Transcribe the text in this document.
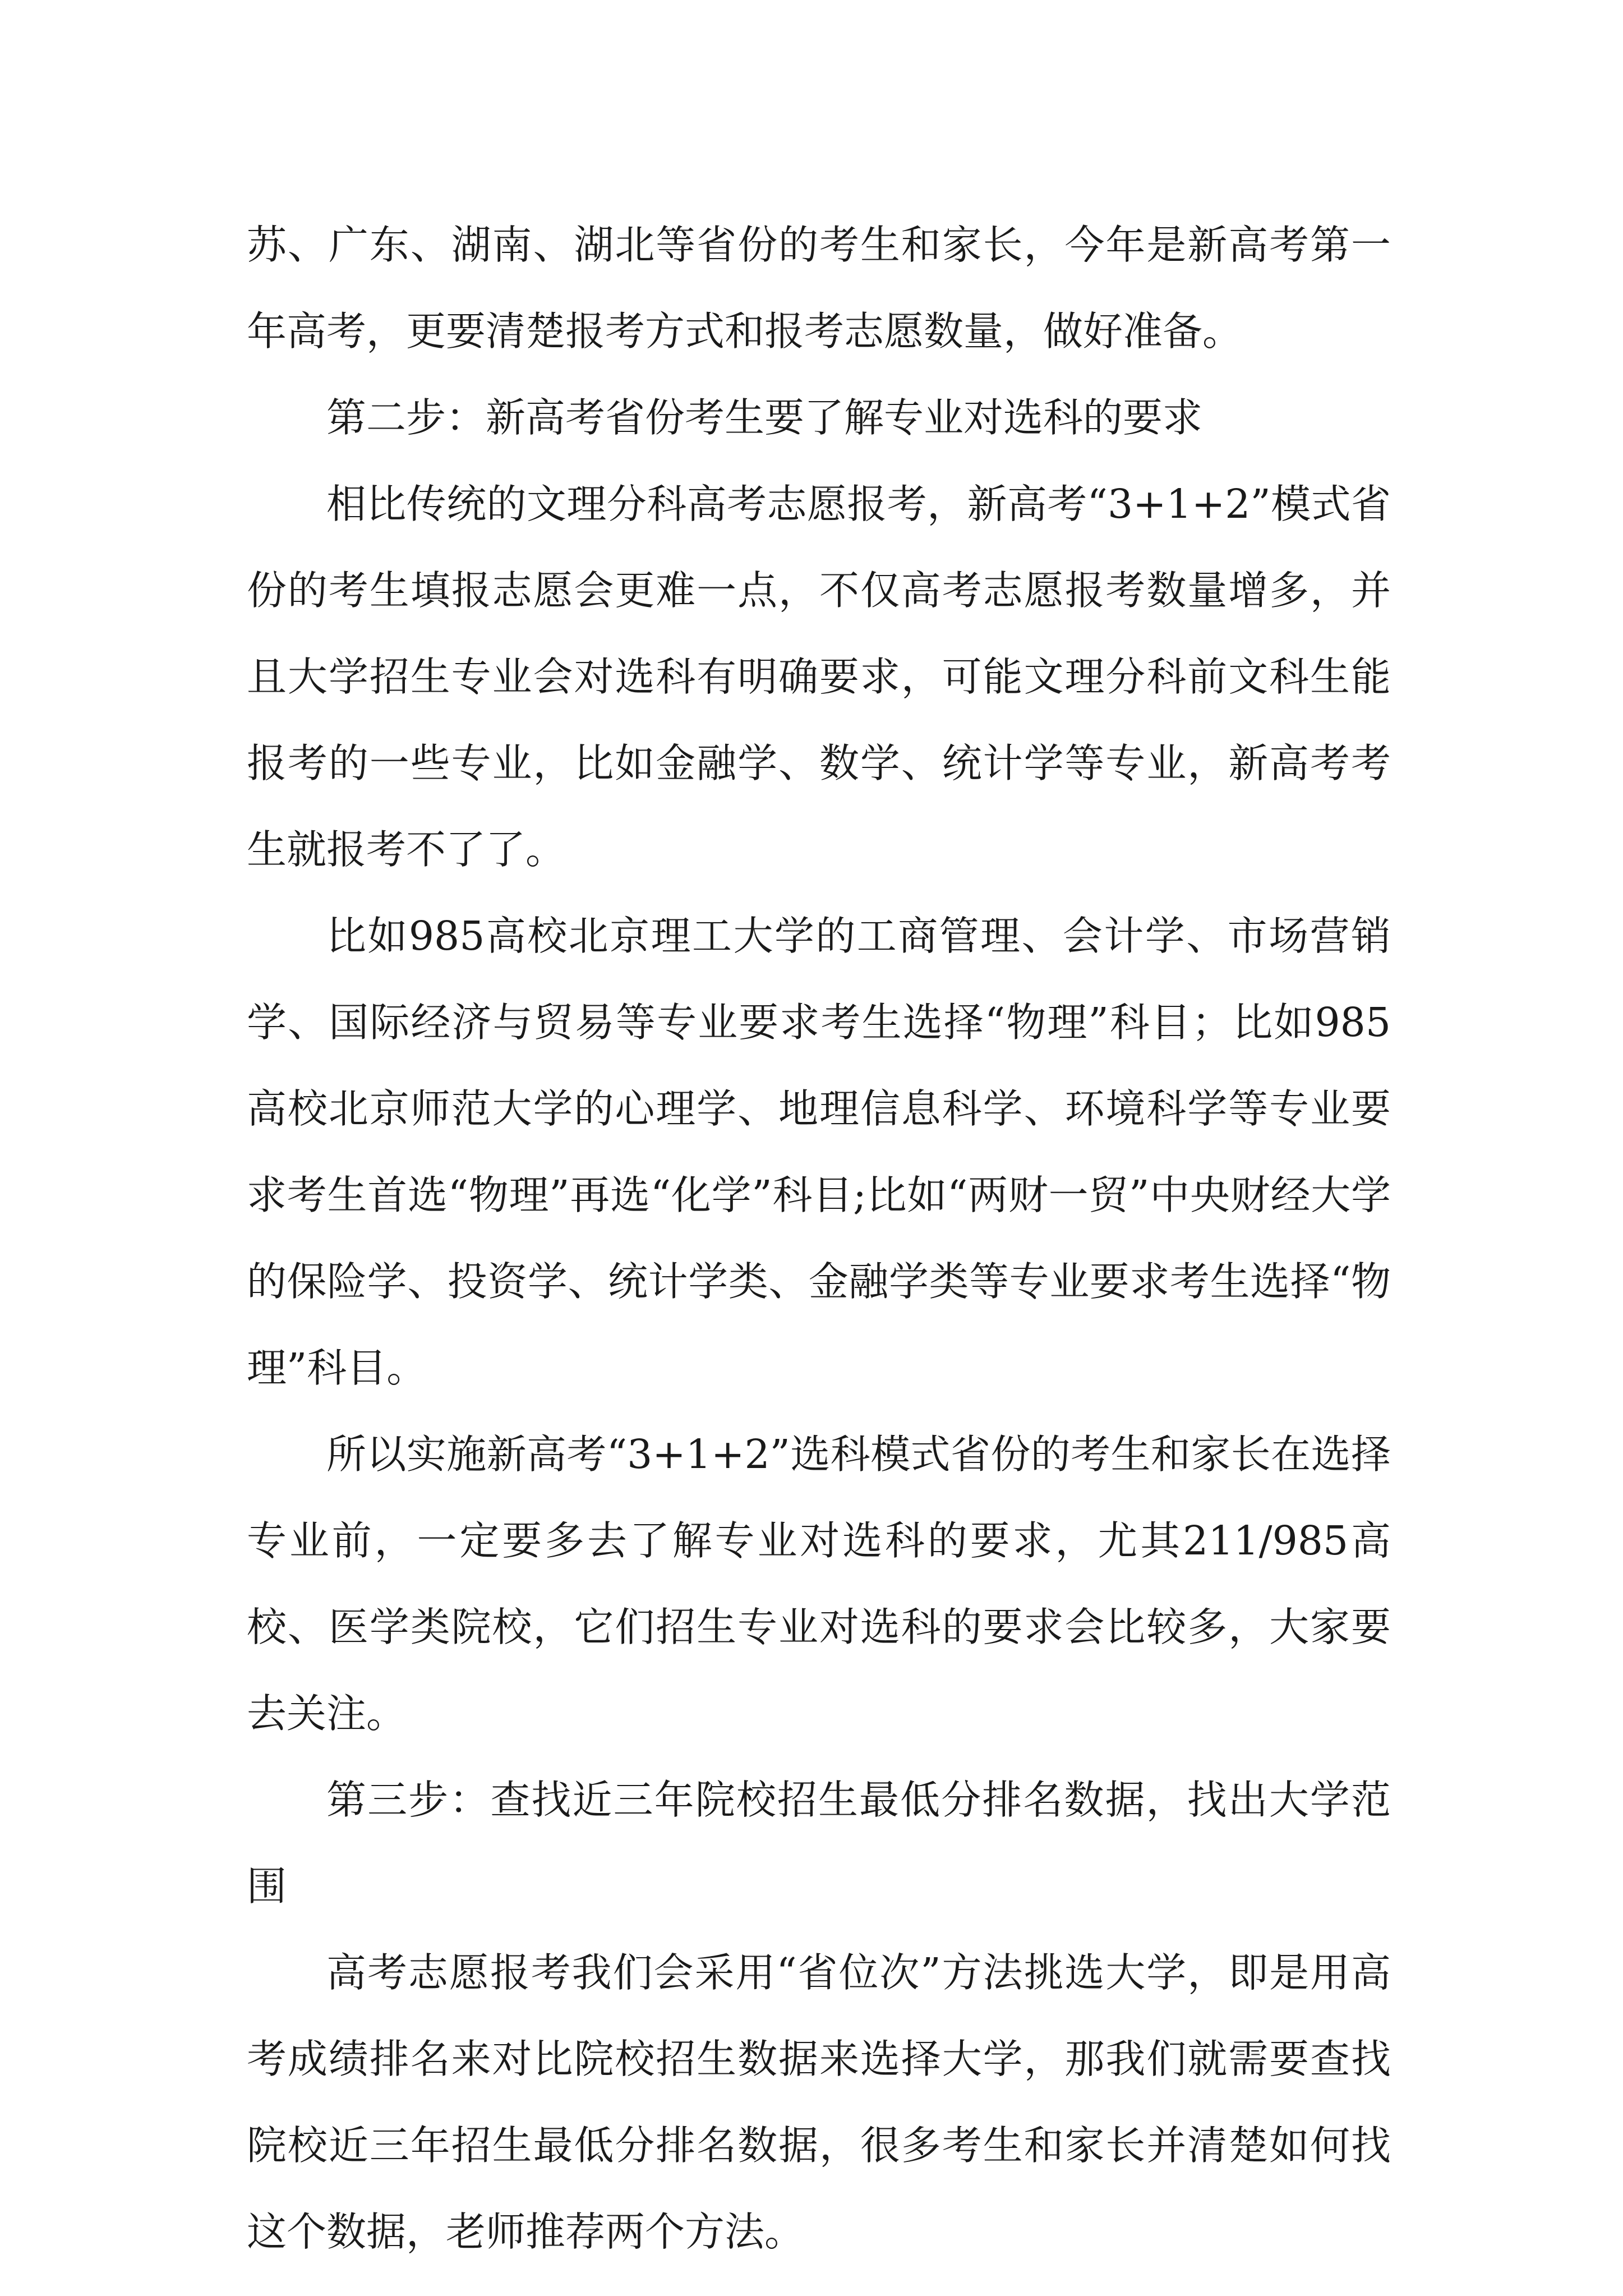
苏、广东、湖南、湖北等省份的考生和家长，今年是新高考第一年高考，更要清楚报考方式和报考志愿数量，做好准备。

第二步：新高考省份考生要了解专业对选科的要求

相比传统的文理分科高考志愿报考，新高考“3+1+2”模式省份的考生填报志愿会更难一点，不仅高考志愿报考数量增多，并且大学招生专业会对选科有明确要求，可能文理分科前文科生能报考的一些专业，比如金融学、数学、统计学等专业，新高考考生就报考不了了。

比如985高校北京理工大学的工商管理、会计学、市场营销学、国际经济与贸易等专业要求考生选择“物理”科目；比如985高校北京师范大学的心理学、地理信息科学、环境科学等专业要求考生首选“物理”再选“化学”科目;比如“两财一贸”中央财经大学的保险学、投资学、统计学类、金融学类等专业要求考生选择“物理”科目。

所以实施新高考“3+1+2”选科模式省份的考生和家长在选择专业前，一定要多去了解专业对选科的要求，尤其211/985高校、医学类院校，它们招生专业对选科的要求会比较多，大家要去关注。

第三步：查找近三年院校招生最低分排名数据，找出大学范围

高考志愿报考我们会采用“省位次”方法挑选大学，即是用高考成绩排名来对比院校招生数据来选择大学，那我们就需要查找院校近三年招生最低分排名数据，很多考生和家长并清楚如何找这个数据，老师推荐两个方法。
